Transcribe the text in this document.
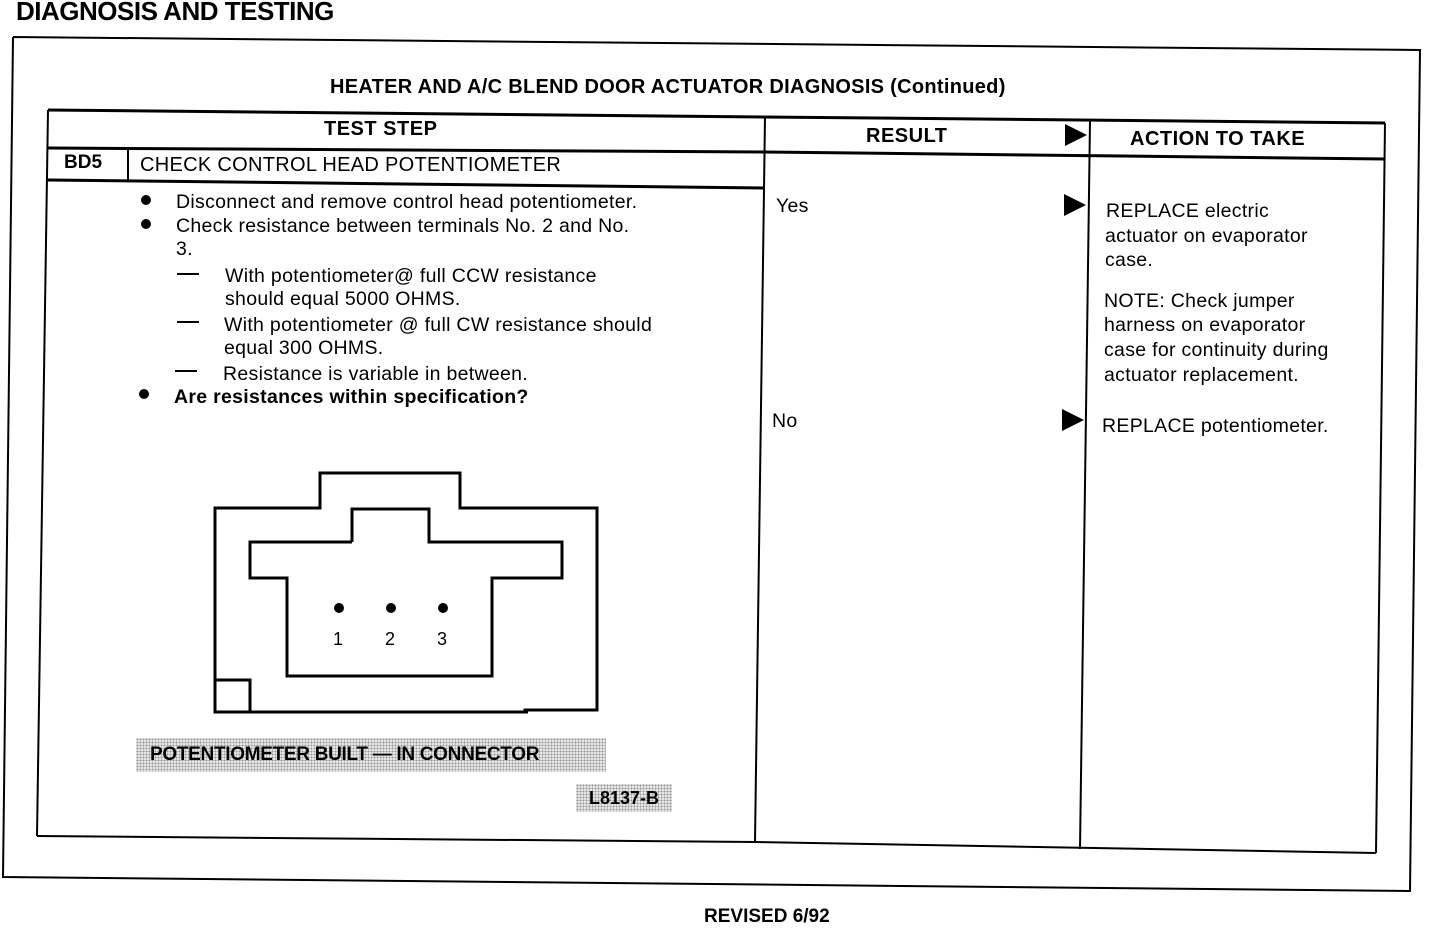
DIAGNOSIS AND TESTING
HEATER AND A/C BLEND DOOR ACTUATOR DIAGNOSIS (Continued)
TEST STEP	RESULT	ACTION TO TAKE
BD5 CHECK CONTROL HEAD POTENTIOMETER
Disconnect and remove control head potentiometer.
Check resistance between terminals No. 2 and No.
3.
With potentiometer@ full CCW resistance
should equal 5000 OHMS.
With potentiometer @ full CW resistance should
equal 300 OHMS.
Resistance is variable in between.
Are resistances within specification?
Yes
No
REPLACE electric
actuator on evaporator
case.
NOTE: Check jumper
harness on evaporator
case for continuity during
actuator replacement.
REPLACE potentiometer.
1 2 3
POTENTIOMETER BUILT — IN CONNECTOR
L8137-B
REVISED 6/92
